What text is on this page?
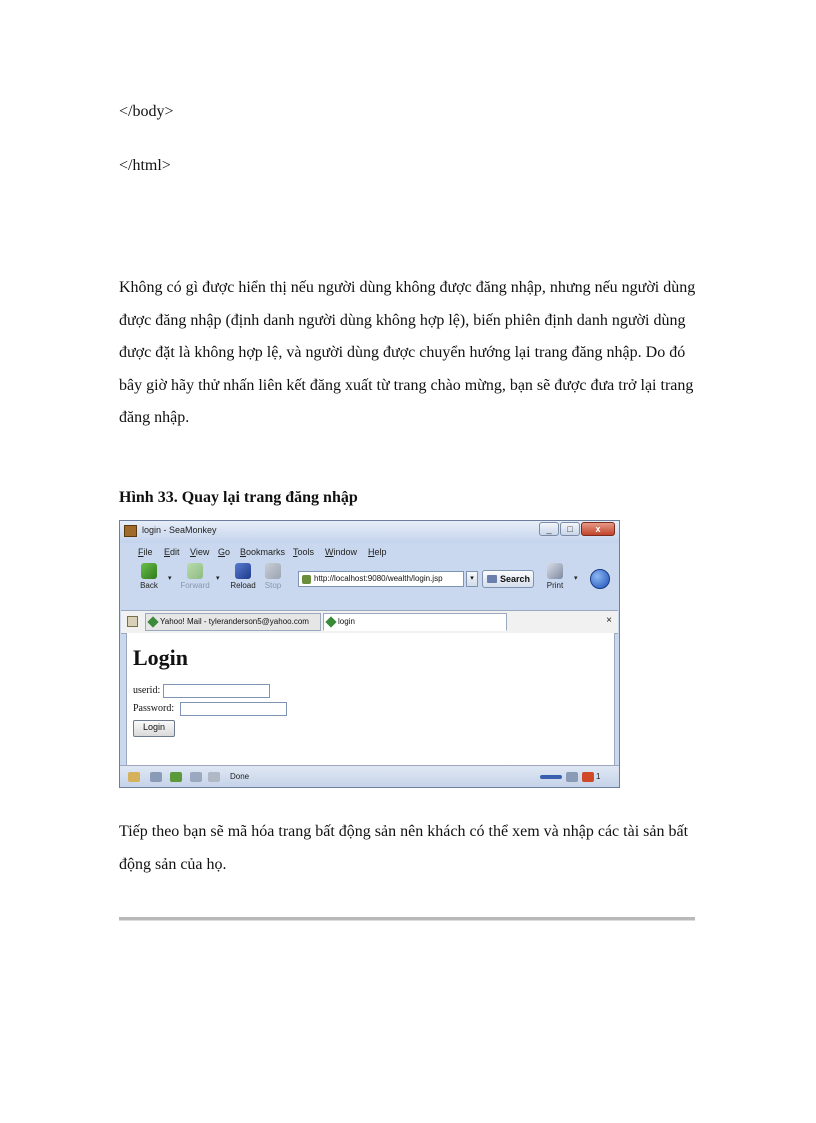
</body>
</html>
Không có gì được hiển thị nếu người dùng không được đăng nhập, nhưng nếu người dùng được đăng nhập (định danh người dùng không hợp lệ), biến phiên định danh người dùng được đặt là không hợp lệ, và người dùng được chuyển hướng lại trang đăng nhập. Do đó bây giờ hãy thử nhấn liên kết đăng xuất từ trang chào mừng, bạn sẽ được đưa trở lại trang đăng nhập.
Hình 33. Quay lại trang đăng nhập
login - SeaMonkey	_	□	x
File Edit View Go Bookmarks Tools Window Help
Back
▾
Forward
▾
Reload	Stop	Print
▾
http://localhost:9080/wealth/login.jsp	▾	Search
Yahoo! Mail - tyleranderson5@yahoo.com	login	×
Login
userid:
Password:
Login
Done	1
Tiếp theo bạn sẽ mã hóa trang bất động sản nên khách có thể xem và nhập các tài sản bất động sản của họ.
